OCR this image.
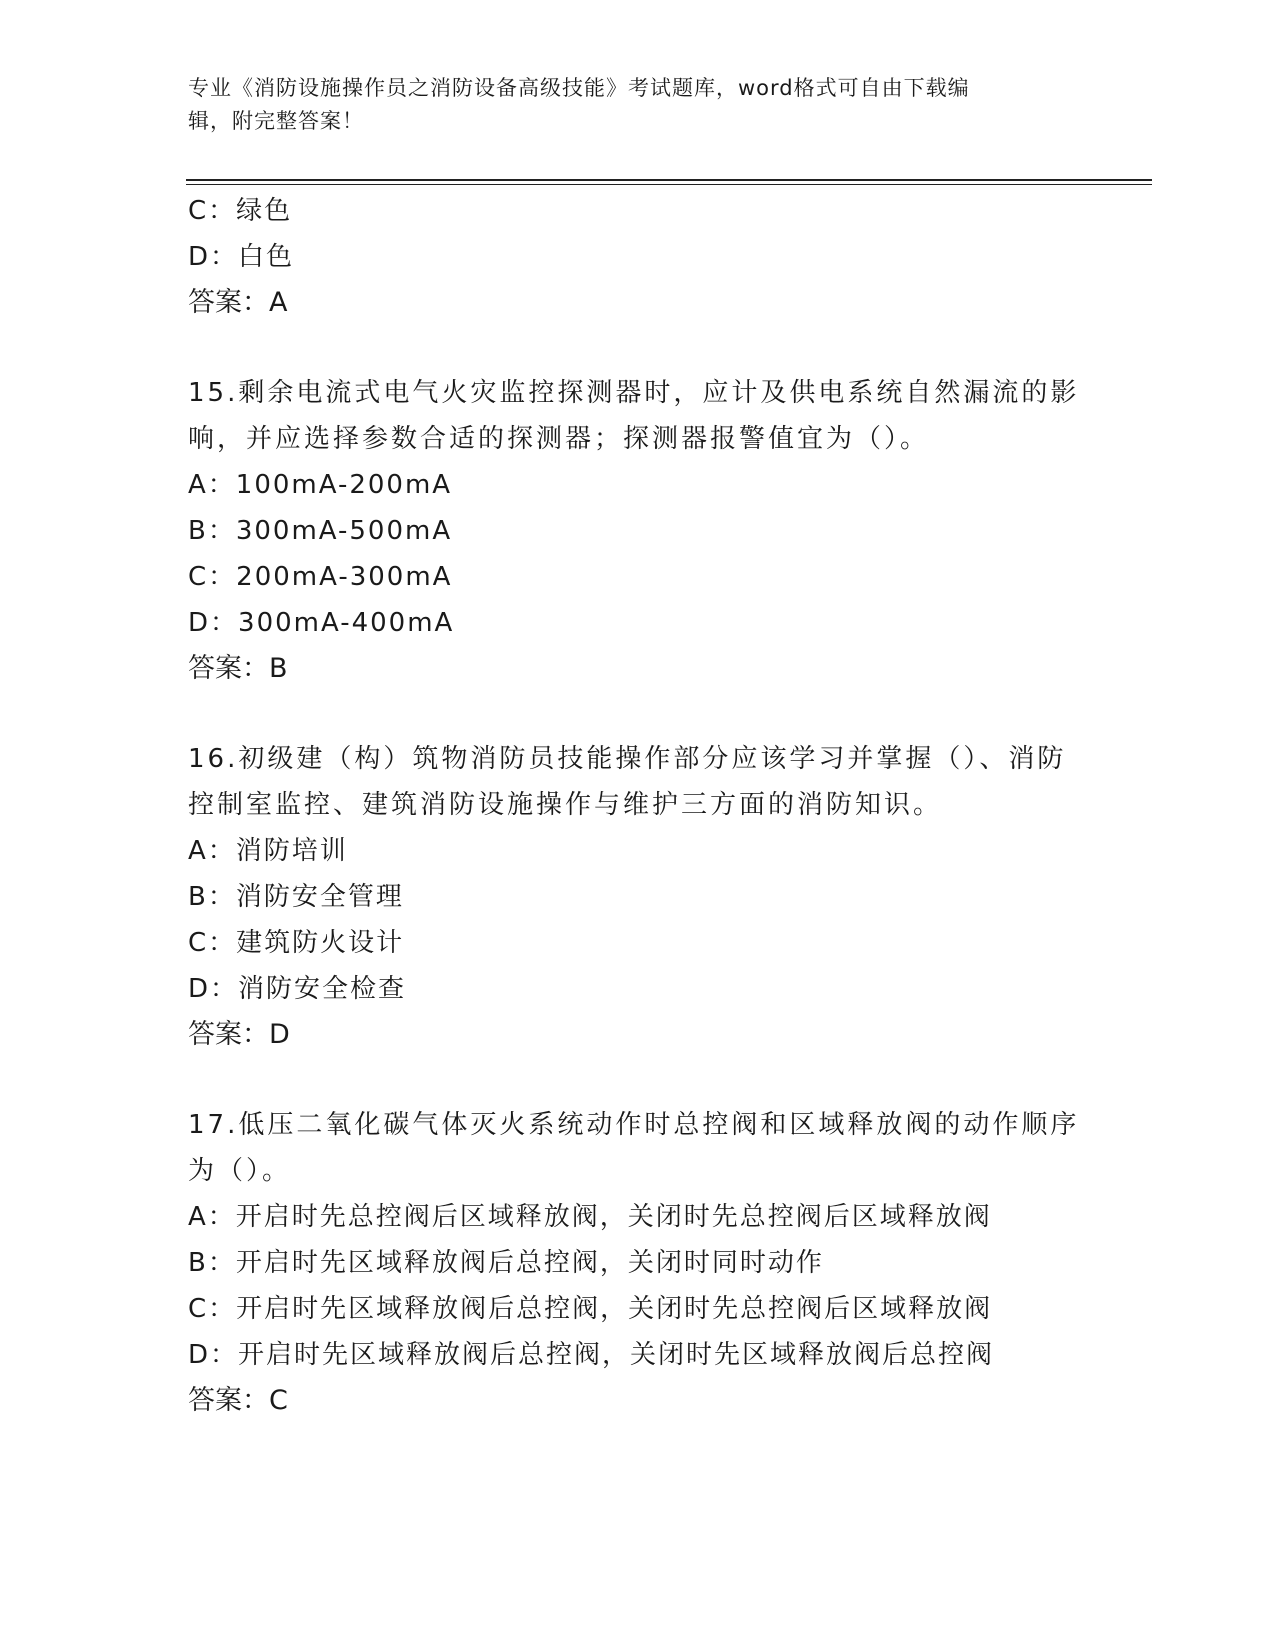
专业《消防设施操作员之消防设备高级技能》考试题库，word格式可自由下载编
辑，附完整答案！
C：绿色
D：白色
答案：A
15.剩余电流式电气火灾监控探测器时，应计及供电系统自然漏流的影
响，并应选择参数合适的探测器；探测器报警值宜为（）。
A：100mA-200mA
B：300mA-500mA
C：200mA-300mA
D：300mA-400mA
答案：B
16.初级建（构）筑物消防员技能操作部分应该学习并掌握（）、消防
控制室监控、建筑消防设施操作与维护三方面的消防知识。
A：消防培训
B：消防安全管理
C：建筑防火设计
D：消防安全检查
答案：D
17.低压二氧化碳气体灭火系统动作时总控阀和区域释放阀的动作顺序
为（）。
A：开启时先总控阀后区域释放阀，关闭时先总控阀后区域释放阀
B：开启时先区域释放阀后总控阀，关闭时同时动作
C：开启时先区域释放阀后总控阀，关闭时先总控阀后区域释放阀
D：开启时先区域释放阀后总控阀，关闭时先区域释放阀后总控阀
答案：C
